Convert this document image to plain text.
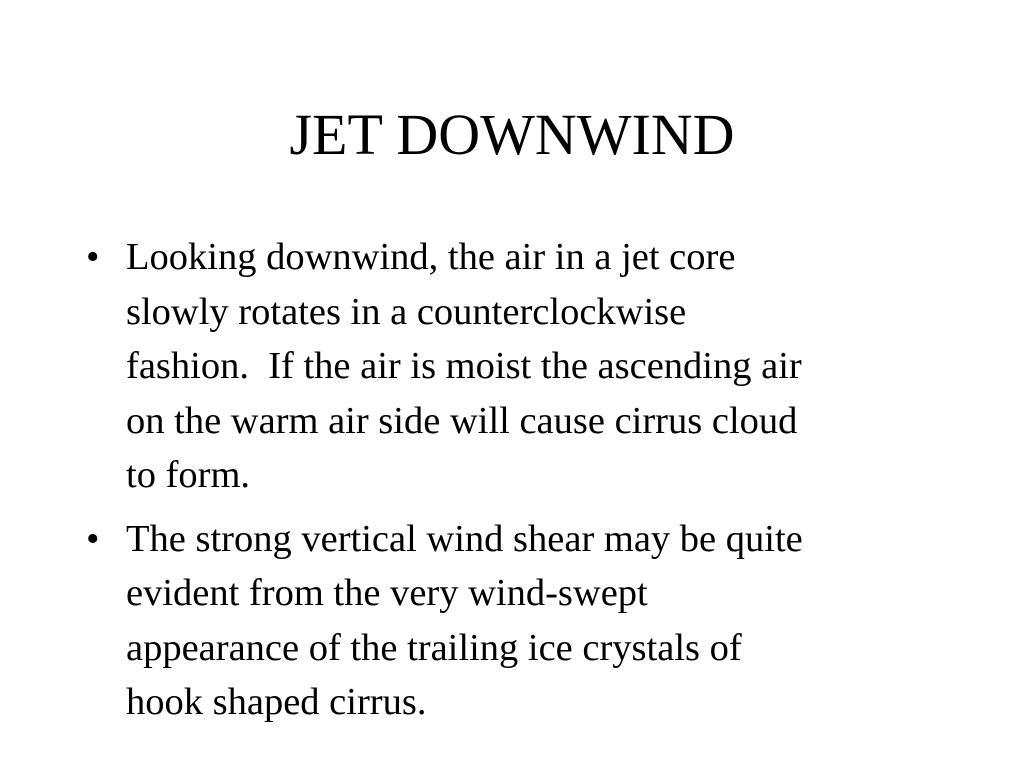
JET DOWNWIND
• Looking downwind, the air in a jet core
slowly rotates in a counterclockwise
fashion.  If the air is moist the ascending air
on the warm air side will cause cirrus cloud
to form.
• The strong vertical wind shear may be quite
evident from the very wind-swept
appearance of the trailing ice crystals of
hook shaped cirrus.
